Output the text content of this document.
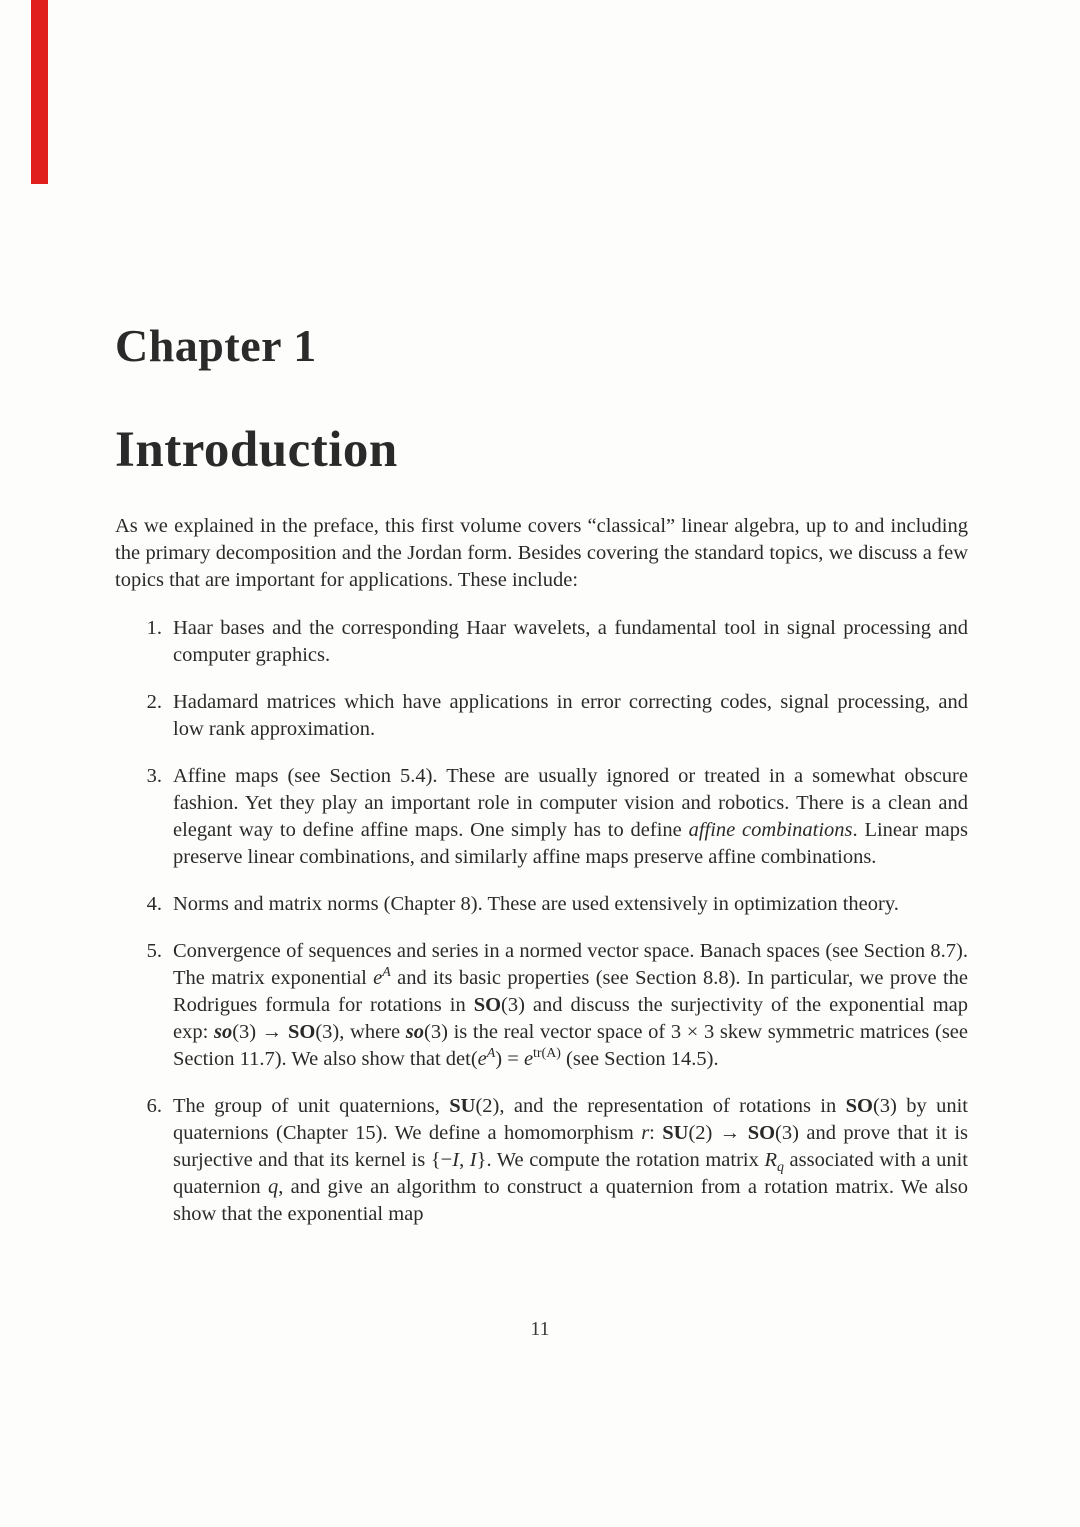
Chapter 1
Introduction

As we explained in the preface, this first volume covers “classical” linear algebra, up to and including the primary decomposition and the Jordan form. Besides covering the standard topics, we discuss a few topics that are important for applications. These include:

1. Haar bases and the corresponding Haar wavelets, a fundamental tool in signal processing and computer graphics.
2. Hadamard matrices which have applications in error correcting codes, signal processing, and low rank approximation.
3. Affine maps (see Section 5.4). These are usually ignored or treated in a somewhat obscure fashion. Yet they play an important role in computer vision and robotics. There is a clean and elegant way to define affine maps. One simply has to define affine combinations. Linear maps preserve linear combinations, and similarly affine maps preserve affine combinations.
4. Norms and matrix norms (Chapter 8). These are used extensively in optimization theory.
5. Convergence of sequences and series in a normed vector space. Banach spaces (see Section 8.7). The matrix exponential $e^A$ and its basic properties (see Section 8.8). In particular, we prove the Rodrigues formula for rotations in SO(3) and discuss the surjectivity of the exponential map exp: so(3) → SO(3), where so(3) is the real vector space of 3 × 3 skew symmetric matrices (see Section 11.7). We also show that $\det(e^A) = e^{tr(A)}$ (see Section 14.5).
6. The group of unit quaternions, SU(2), and the representation of rotations in SO(3) by unit quaternions (Chapter 15). We define a homomorphism r: SU(2) → SO(3) and prove that it is surjective and that its kernel is {−I, I}. We compute the rotation matrix $R_q$ associated with a unit quaternion q, and give an algorithm to construct a quaternion from a rotation matrix. We also show that the exponential map
11
